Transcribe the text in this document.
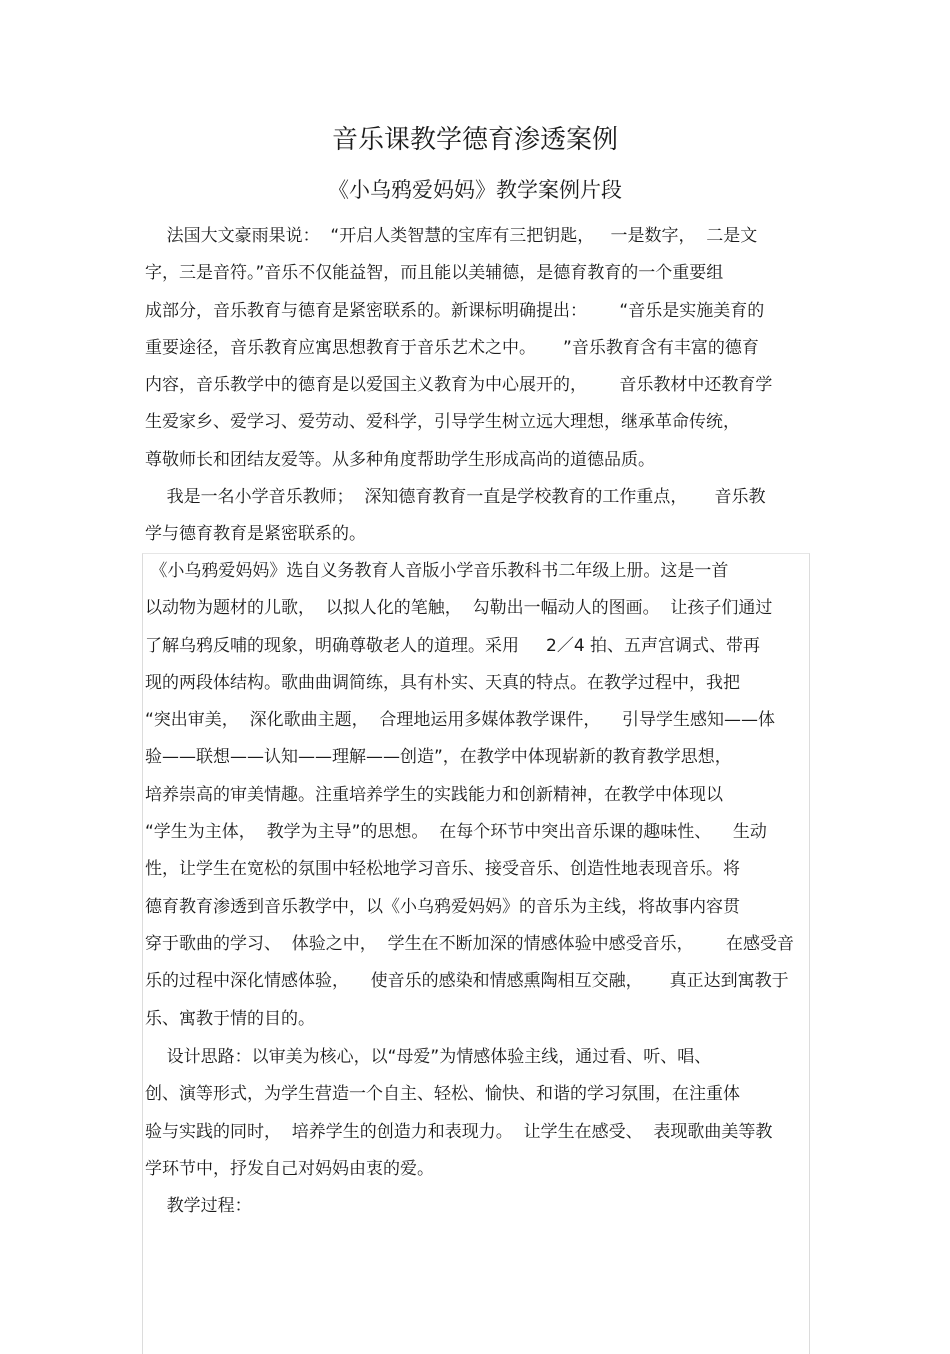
音乐课教学德育渗透案例
《小乌鸦爱妈妈》教学案例片段
法国大文豪雨果说：  “开启人类智慧的宝库有三把钥匙，   一是数字，  二是文
字，三是音符。”音乐不仅能益智，而且能以美辅德，是德育教育的一个重要组
成部分，音乐教育与德育是紧密联系的。新课标明确提出：      “音乐是实施美育的
重要途径，音乐教育应寓思想教育于音乐艺术之中。     ”音乐教育含有丰富的德育
内容，音乐教学中的德育是以爱国主义教育为中心展开的，      音乐教材中还教育学
生爱家乡、爱学习、爱劳动、爱科学，引导学生树立远大理想，继承革命传统，
尊敬师长和团结友爱等。从多种角度帮助学生形成高尚的道德品质。
我是一名小学音乐教师；  深知德育教育一直是学校教育的工作重点，     音乐教
学与德育教育是紧密联系的。
《小乌鸦爱妈妈》选自义务教育人音版小学音乐教科书二年级上册。这是一首
以动物为题材的儿歌，  以拟人化的笔触，  勾勒出一幅动人的图画。  让孩子们通过
了解乌鸦反哺的现象，明确尊敬老人的道理。采用     2／4 拍、五声宫调式、带再
现的两段体结构。歌曲曲调简练，具有朴实、天真的特点。在教学过程中，我把
“突出审美，  深化歌曲主题，  合理地运用多媒体教学课件，    引导学生感知——体
验——联想——认知——理解——创造”，在教学中体现崭新的教育教学思想，
培养崇高的审美情趣。注重培养学生的实践能力和创新精神，在教学中体现以
“学生为主体，  教学为主导”的思想。  在每个环节中突出音乐课的趣味性、    生动
性，让学生在宽松的氛围中轻松地学习音乐、接受音乐、创造性地表现音乐。将
德育教育渗透到音乐教学中，以《小乌鸦爱妈妈》的音乐为主线，将故事内容贯
穿于歌曲的学习、  体验之中，  学生在不断加深的情感体验中感受音乐，      在感受音
乐的过程中深化情感体验，    使音乐的感染和情感熏陶相互交融，     真正达到寓教于
乐、寓教于情的目的。
设计思路：以审美为核心，以“母爱”为情感体验主线，通过看、听、唱、
创、演等形式，为学生营造一个自主、轻松、愉快、和谐的学习氛围，在注重体
验与实践的同时，  培养学生的创造力和表现力。  让学生在感受、  表现歌曲美等教
学环节中，抒发自己对妈妈由衷的爱。
教学过程：
